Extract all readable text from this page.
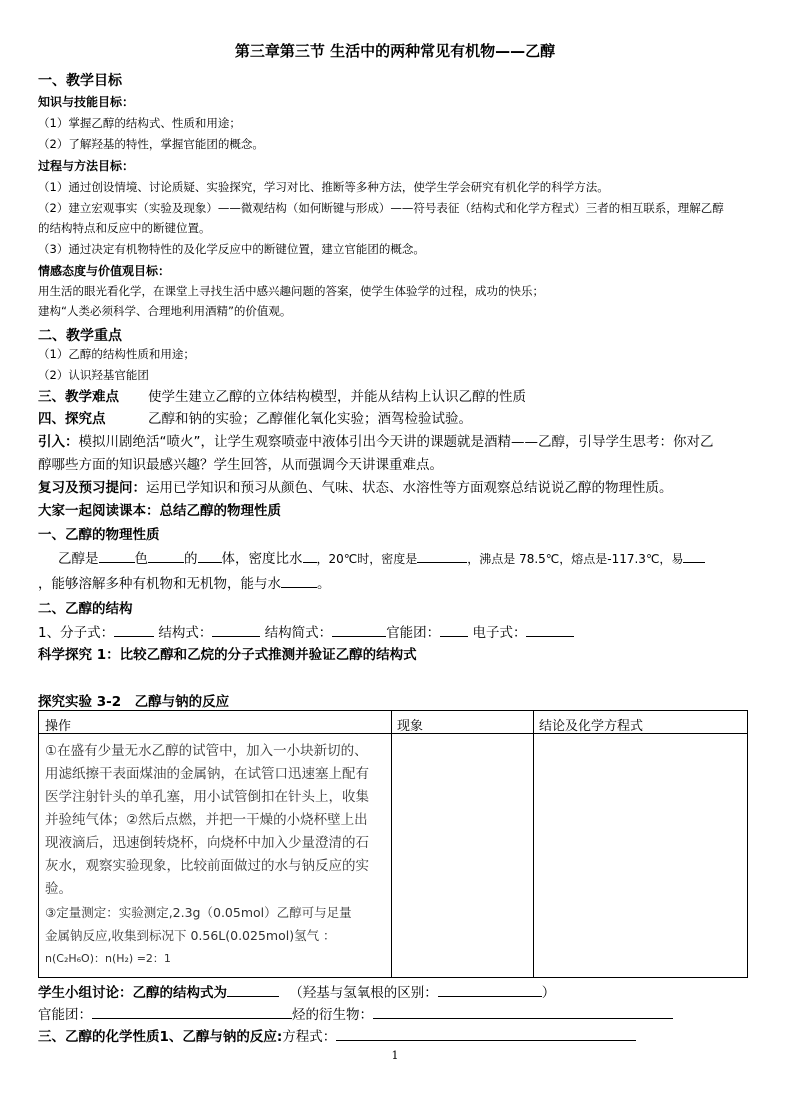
第三章第三节 生活中的两种常见有机物——乙醇
一、教学目标
知识与技能目标：
（1）掌握乙醇的结构式、性质和用途；
（2）了解羟基的特性，掌握官能团的概念。
过程与方法目标：
（1）通过创设情境、讨论质疑、实验探究，学习对比、推断等多种方法，使学生学会研究有机化学的科学方法。
（2）建立宏观事实（实验及现象）——微观结构（如何断键与形成）——符号表征（结构式和化学方程式）三者的相互联系，理解乙醇
的结构特点和反应中的断键位置。
（3）通过决定有机物特性的及化学反应中的断键位置，建立官能团的概念。
情感态度与价值观目标：
用生活的眼光看化学，在课堂上寻找生活中感兴趣问题的答案，使学生体验学的过程，成功的快乐；
建构“人类必须科学、合理地利用酒精”的价值观。
二、教学重点
（1）乙醇的结构性质和用途；
（2）认识羟基官能团
三、教学难点 使学生建立乙醇的立体结构模型，并能从结构上认识乙醇的性质
四、探究点	乙醇和钠的实验；乙醇催化氧化实验；酒驾检验试验。
引入：模拟川剧绝活“喷火”，让学生观察喷壶中液体引出今天讲的课题就是酒精——乙醇，引导学生思考：你对乙
醇哪些方面的知识最感兴趣？学生回答，从而强调今天讲课重难点。
复习及预习提问：运用已学知识和预习从颜色、气味、状态、水溶性等方面观察总结说说乙醇的物理性质。
大家一起阅读课本：总结乙醇的物理性质
一、乙醇的物理性质
乙醇是	色	的 体，密度比水 ，20℃时，密度是	，沸点是 78.5℃，熔点是-117.3℃，易
，能够溶解多种有机物和无机物，能与水	。
二、乙醇的结构
1、分子式：	结构式：	结构简式：	官能团： 电子式：
科学探究 1：比较乙醇和乙烷的分子式推测并验证乙醇的结构式
探究实验 3-2　乙醇与钠的反应
操作	现象	结论及化学方程式

①在盛有少量无水乙醇的试管中，加入一小块新切的、

用滤纸擦干表面煤油的金属钠，在试管口迅速塞上配有

医学注射针头的单孔塞，用小试管倒扣在针头上，收集

并验纯气体；②然后点燃，并把一干燥的小烧杯壁上出

现液滴后，迅速倒转烧杯，向烧杯中加入少量澄清的石

灰水，观察实验现象，比较前面做过的水与钠反应的实

验。

③定量测定：实验测定,2.3g（0.05mol）乙醇可与足量

金属钠反应,收集到标况下 0.56L(0.025mol)氢气 ：

n(C₂H₆O)：n(H₂) =2：1

学生小组讨论：乙醇的结构式为	（羟基与氢氧根的区别：	）
官能团：	烃的衍生物：
三、乙醇的化学性质1、乙醇与钠的反应:方程式：
1
